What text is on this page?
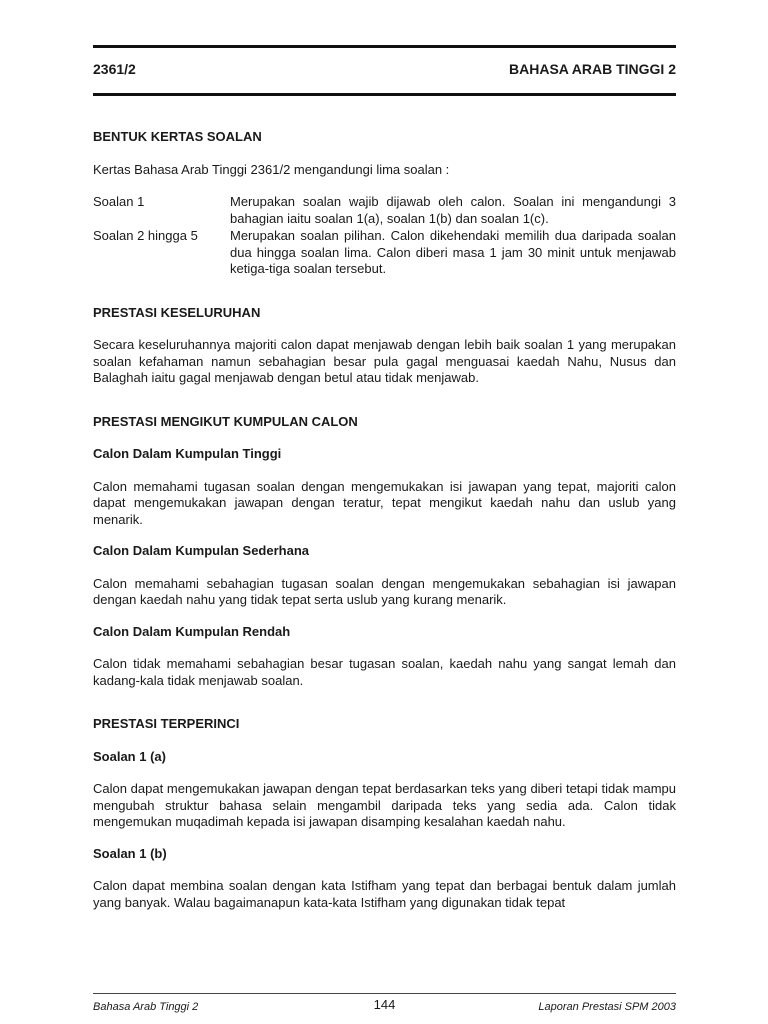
2361/2	BAHASA ARAB TINGGI 2
BENTUK KERTAS SOALAN
Kertas Bahasa Arab Tinggi 2361/2 mengandungi lima soalan :
Soalan 1	Merupakan soalan wajib dijawab oleh calon. Soalan ini mengandungi 3 bahagian iaitu soalan 1(a), soalan 1(b) dan soalan 1(c).
Soalan 2 hingga 5	Merupakan soalan pilihan. Calon dikehendaki memilih dua daripada soalan dua hingga soalan lima. Calon diberi masa 1 jam 30 minit untuk menjawab ketiga-tiga soalan tersebut.
PRESTASI KESELURUHAN
Secara keseluruhannya majoriti calon dapat menjawab dengan lebih baik soalan 1 yang merupakan soalan kefahaman namun sebahagian besar pula gagal menguasai kaedah Nahu, Nusus dan Balaghah iaitu gagal menjawab dengan betul atau tidak menjawab.
PRESTASI MENGIKUT KUMPULAN CALON
Calon Dalam Kumpulan Tinggi
Calon memahami tugasan soalan dengan mengemukakan isi jawapan yang tepat, majoriti calon dapat mengemukakan jawapan dengan teratur, tepat mengikut kaedah nahu dan uslub yang menarik.
Calon Dalam Kumpulan Sederhana
Calon memahami sebahagian tugasan soalan dengan mengemukakan sebahagian isi jawapan dengan kaedah nahu yang tidak tepat serta uslub yang kurang menarik.
Calon Dalam Kumpulan Rendah
Calon tidak memahami sebahagian besar tugasan soalan, kaedah nahu yang sangat lemah dan kadang-kala tidak menjawab soalan.
PRESTASI TERPERINCI
Soalan 1 (a)
Calon dapat mengemukakan jawapan dengan tepat berdasarkan teks yang diberi tetapi tidak mampu mengubah struktur bahasa selain mengambil daripada teks yang sedia ada. Calon tidak mengemukan muqadimah kepada isi jawapan disamping kesalahan kaedah nahu.
Soalan 1 (b)
Calon dapat membina soalan dengan kata Istifham yang tepat dan berbagai bentuk dalam jumlah yang banyak. Walau bagaimanapun kata-kata Istifham yang digunakan tidak tepat
Bahasa Arab Tinggi 2	144	Laporan Prestasi SPM 2003
